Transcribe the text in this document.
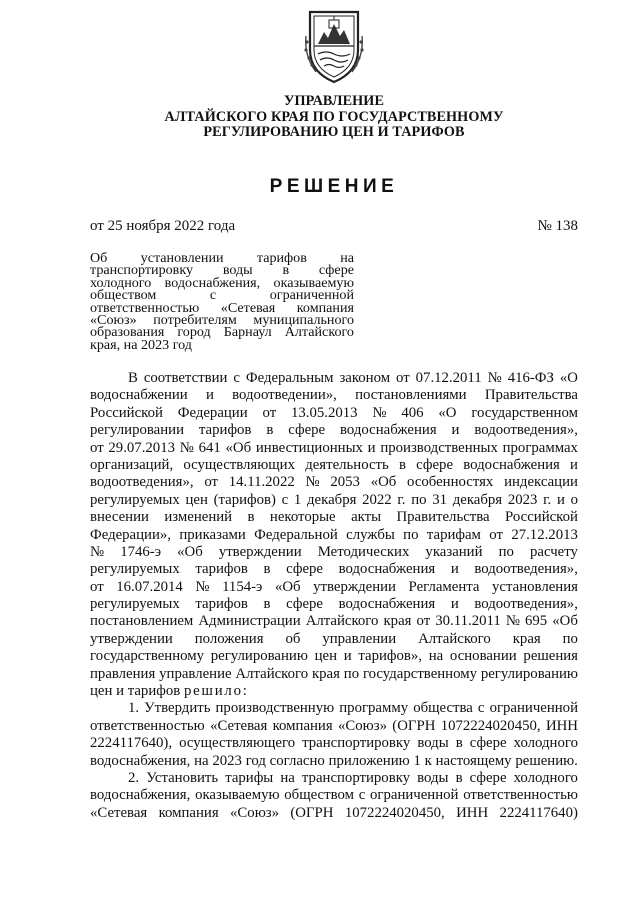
УПРАВЛЕНИЕ
АЛТАЙСКОГО КРАЯ ПО ГОСУДАРСТВЕННОМУ
РЕГУЛИРОВАНИЮ ЦЕН И ТАРИФОВ
РЕШЕНИЕ
от 25 ноября 2022 года	№ 138
Об установлении тарифов на
транспортировку воды в сфере
холодного водоснабжения, оказываемую
обществом	с	ограниченной
ответственностью «Сетевая компания
«Союз» потребителям муниципального
образования город Барнаул Алтайского
края, на 2023 год
В соответствии с Федеральным законом от 07.12.2011 № 416-ФЗ «О
водоснабжении и водоотведении», постановлениями Правительства
Российской Федерации от 13.05.2013 № 406 «О государственном
регулировании тарифов в сфере водоснабжения и водоотведения»,
от 29.07.2013 № 641 «Об инвестиционных и производственных программах
организаций, осуществляющих деятельность в сфере водоснабжения и
водоотведения», от 14.11.2022 № 2053 «Об особенностях индексации
регулируемых цен (тарифов) с 1 декабря 2022 г. по 31 декабря 2023 г. и о
внесении изменений в некоторые акты Правительства Российской
Федерации», приказами Федеральной службы по тарифам от 27.12.2013
№ 1746-э «Об утверждении Методических указаний по расчету
регулируемых тарифов в сфере водоснабжения и водоотведения»,
от 16.07.2014 № 1154-э «Об утверждении Регламента установления
регулируемых тарифов в сфере водоснабжения и водоотведения»,
постановлением Администрации Алтайского края от 30.11.2011 № 695 «Об
утверждении положения об управлении Алтайского края по
государственному регулированию цен и тарифов», на основании решения
правления управление Алтайского края по государственному регулированию
цен и тарифов решило:
1. Утвердить производственную программу общества с ограниченной
ответственностью «Сетевая компания «Союз» (ОГРН 1072224020450, ИНН
2224117640), осуществляющего транспортировку воды в сфере холодного
водоснабжения, на 2023 год согласно приложению 1 к настоящему решению.
2. Установить тарифы на транспортировку воды в сфере холодного
водоснабжения, оказываемую обществом с ограниченной ответственностью
«Сетевая компания «Союз» (ОГРН 1072224020450, ИНН 2224117640)
